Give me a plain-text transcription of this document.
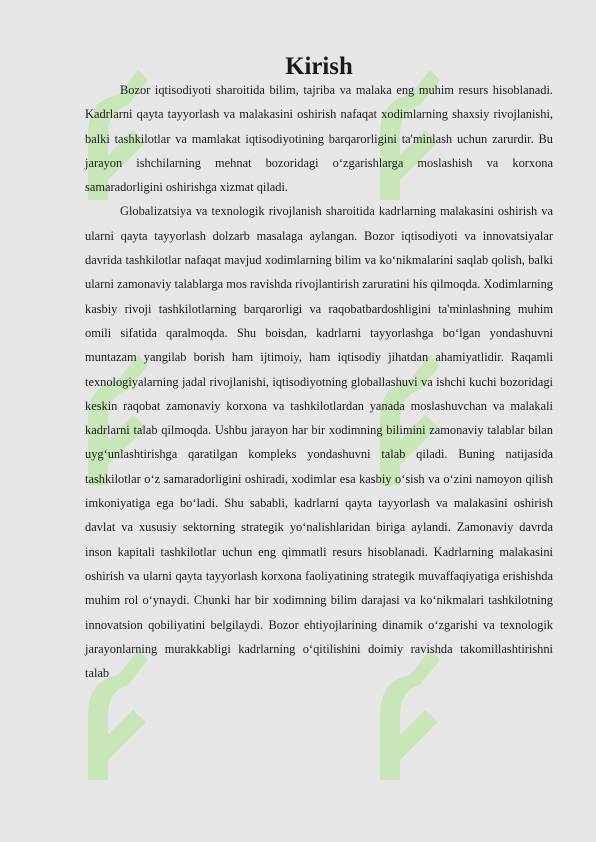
Kirish

Bozor iqtisodiyoti sharoitida bilim, tajriba va malaka eng muhim resurs hisoblanadi. Kadrlarni qayta tayyorlash va malakasini oshirish nafaqat xodimlarning shaxsiy rivojlanishi, balki tashkilotlar va mamlakat iqtisodiyotining barqarorligini ta'minlash uchun zarurdir. Bu jarayon ishchilarning mehnat bozoridagi o‘zgarishlarga moslashish va korxona samaradorligini oshirishga xizmat qiladi.

Globalizatsiya va texnologik rivojlanish sharoitida kadrlarning malakasini oshirish va ularni qayta tayyorlash dolzarb masalaga aylangan. Bozor iqtisodiyoti va innovatsiyalar davrida tashkilotlar nafaqat mavjud xodimlarning bilim va ko‘nikmalarini saqlab qolish, balki ularni zamonaviy talablarga mos ravishda rivojlantirish zaruratini his qilmoqda. Xodimlarning kasbiy rivoji tashkilotlarning barqarorligi va raqobatbardoshligini ta'minlashning muhim omili sifatida qaralmoqda. Shu boisdan, kadrlarni tayyorlashga bo‘lgan yondashuvni muntazam yangilab borish ham ijtimoiy, ham iqtisodiy jihatdan ahamiyatlidir. Raqamli texnologiyalarning jadal rivojlanishi, iqtisodiyotning globallashuvi va ishchi kuchi bozoridagi keskin raqobat zamonaviy korxona va tashkilotlardan yanada moslashuvchan va malakali kadrlarni talab qilmoqda. Ushbu jarayon har bir xodimning bilimini zamonaviy talablar bilan uyg‘unlashtirishga qaratilgan kompleks yondashuvni talab qiladi. Buning natijasida tashkilotlar o‘z samaradorligini oshiradi, xodimlar esa kasbiy o‘sish va o‘zini namoyon qilish imkoniyatiga ega bo‘ladi. Shu sababli, kadrlarni qayta tayyorlash va malakasini oshirish davlat va xususiy sektorning strategik yo‘nalishlaridan biriga aylandi. Zamonaviy davrda inson kapitali tashkilotlar uchun eng qimmatli resurs hisoblanadi. Kadrlarning malakasini oshirish va ularni qayta tayyorlash korxona faoliyatining strategik muvaffaqiyatiga erishishda muhim rol o‘ynaydi. Chunki har bir xodimning bilim darajasi va ko‘nikmalari tashkilotning innovatsion qobiliyatini belgilaydi. Bozor ehtiyojlarining dinamik o‘zgarishi va texnologik jarayonlarning murakkabligi kadrlarning o‘qitilishini doimiy ravishda takomillashtirishni talab
